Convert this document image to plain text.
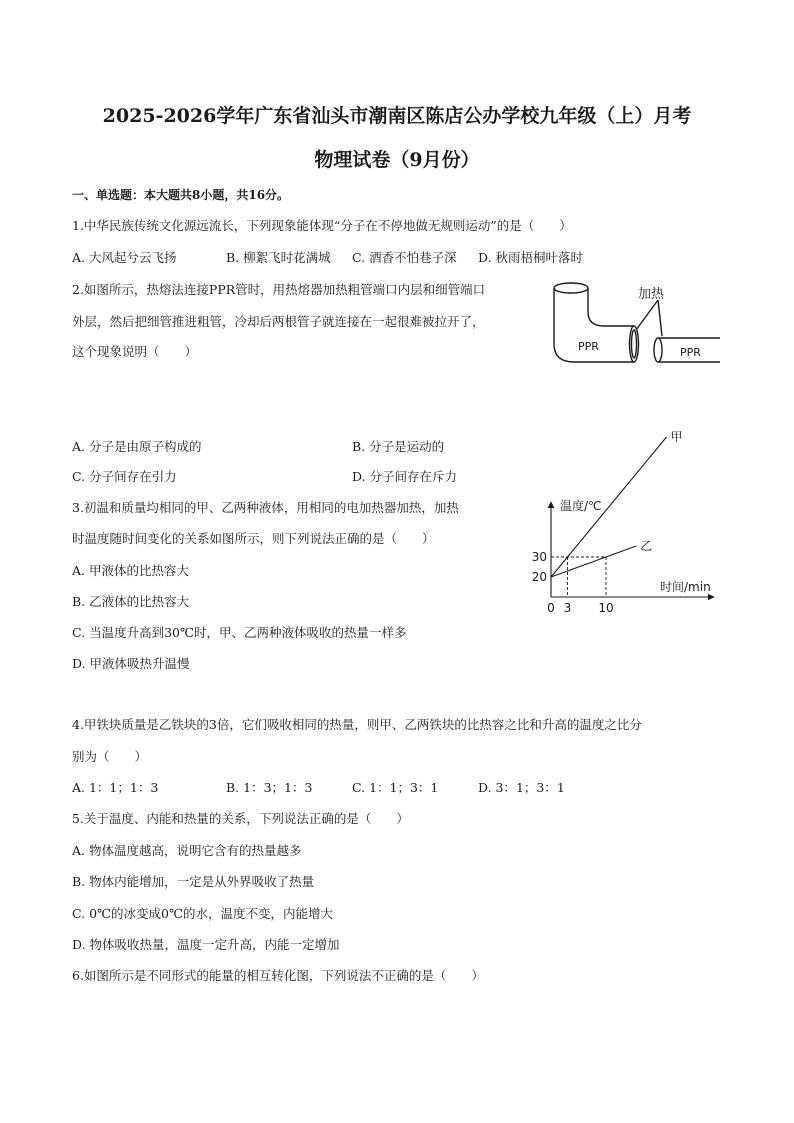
2025-2026学年广东省汕头市潮南区陈店公办学校九年级（上）月考
物理试卷（9月份）
一、单选题：本大题共8小题，共16分。
1.中华民族传统文化源远流长，下列现象能体现“分子在不停地做无规则运动”的是（　　）
A. 大风起兮云飞扬	B. 柳絮飞时花满城 C. 酒香不怕巷子深 D. 秋雨梧桐叶落时
2.如图所示，热熔法连接PPR管时，用热熔器加热粗管端口内层和细管端口
外层，然后把细管推进粗管，冷却后两根管子就连接在一起很难被拉开了，
这个现象说明（　　）
加热
PPR	PPR
A. 分子是由原子构成的	B. 分子是运动的
C. 分子间存在引力	D. 分子间存在斥力
3.初温和质量均相同的甲、乙两种液体，用相同的电加热器加热，加热
时温度随时间变化的关系如图所示，则下列说法正确的是（　　）
A. 甲液体的比热容大
B. 乙液体的比热容大
C. 当温度升高到30℃时，甲、乙两种液体吸收的热量一样多
D. 甲液体吸热升温慢
温度/℃
时间/min
甲
乙
20
30
0 3 10
4.甲铁块质量是乙铁块的3倍，它们吸收相同的热量，则甲、乙两铁块的比热容之比和升高的温度之比分
别为（　　）
A. 1：1；1：3	B. 1：3；1：3	C. 1：1；3：1	D. 3：1；3：1
5.关于温度、内能和热量的关系，下列说法正确的是（　　）
A. 物体温度越高，说明它含有的热量越多
B. 物体内能增加，一定是从外界吸收了热量
C. 0℃的冰变成0℃的水，温度不变，内能增大
D. 物体吸收热量，温度一定升高，内能一定增加
6.如图所示是不同形式的能量的相互转化图，下列说法不正确的是（　　）
